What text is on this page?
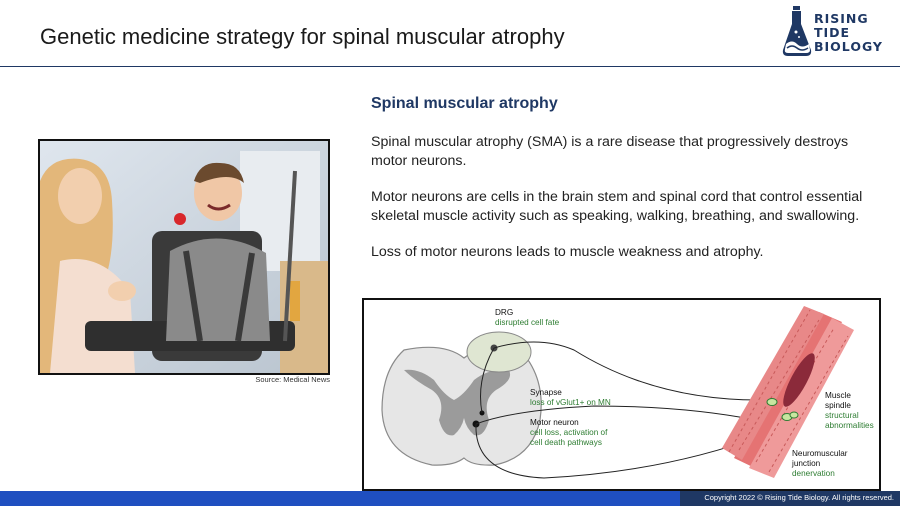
Genetic medicine strategy for spinal muscular atrophy
RISING
TIDE
BIOLOGY
Source: Medical News
Spinal muscular atrophy

Spinal muscular atrophy (SMA) is a rare disease that progressively destroys motor neurons.

Motor neurons are cells in the brain stem and spinal cord that control essential skeletal muscle activity such as speaking, walking, breathing, and swallowing.

Loss of motor neurons leads to muscle weakness and atrophy.

DRG
disrupted cell fate
Synapse
loss of vGlut1+ on MN
Motor neuron
cell loss, activation of
cell death pathways
Muscle
spindle
structural
abnormalities
Neuromuscular
junction
denervation
Copyright 2022 © Rising Tide Biology. All rights reserved.
